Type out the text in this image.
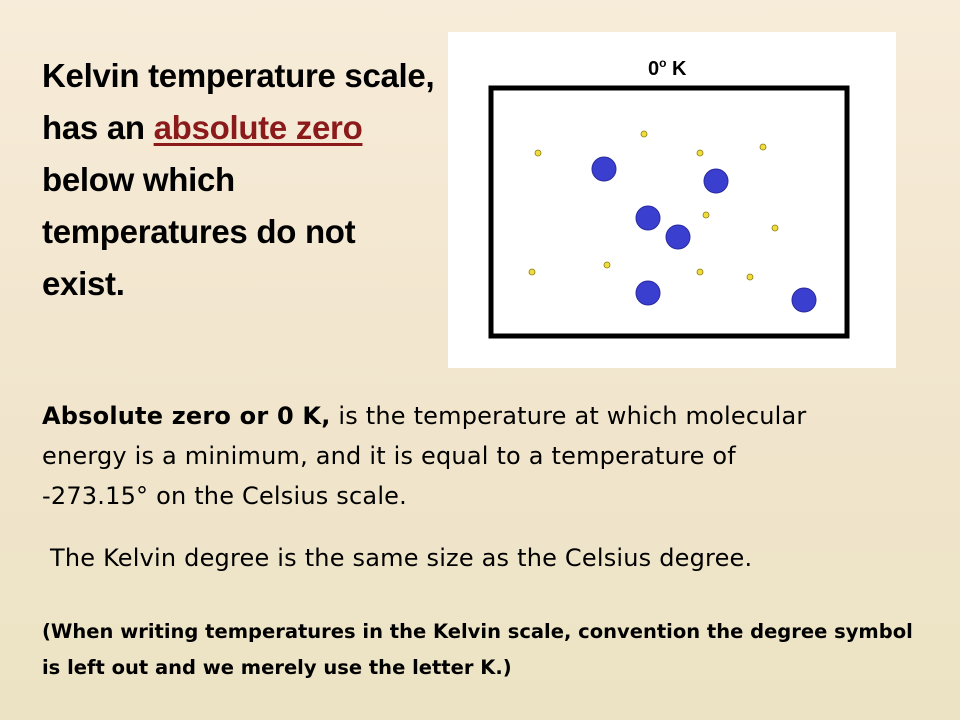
Kelvin temperature scale, has an absolute zero below which temperatures do not exist.
0$^o$ K
Absolute zero or 0 K, is the temperature at which molecular energy is a minimum, and it is equal to a temperature of -273.15° on the Celsius scale.
The Kelvin degree is the same size as the Celsius degree.
(When writing temperatures in the Kelvin scale, convention the degree symbol is left out and we merely use the letter K.)
